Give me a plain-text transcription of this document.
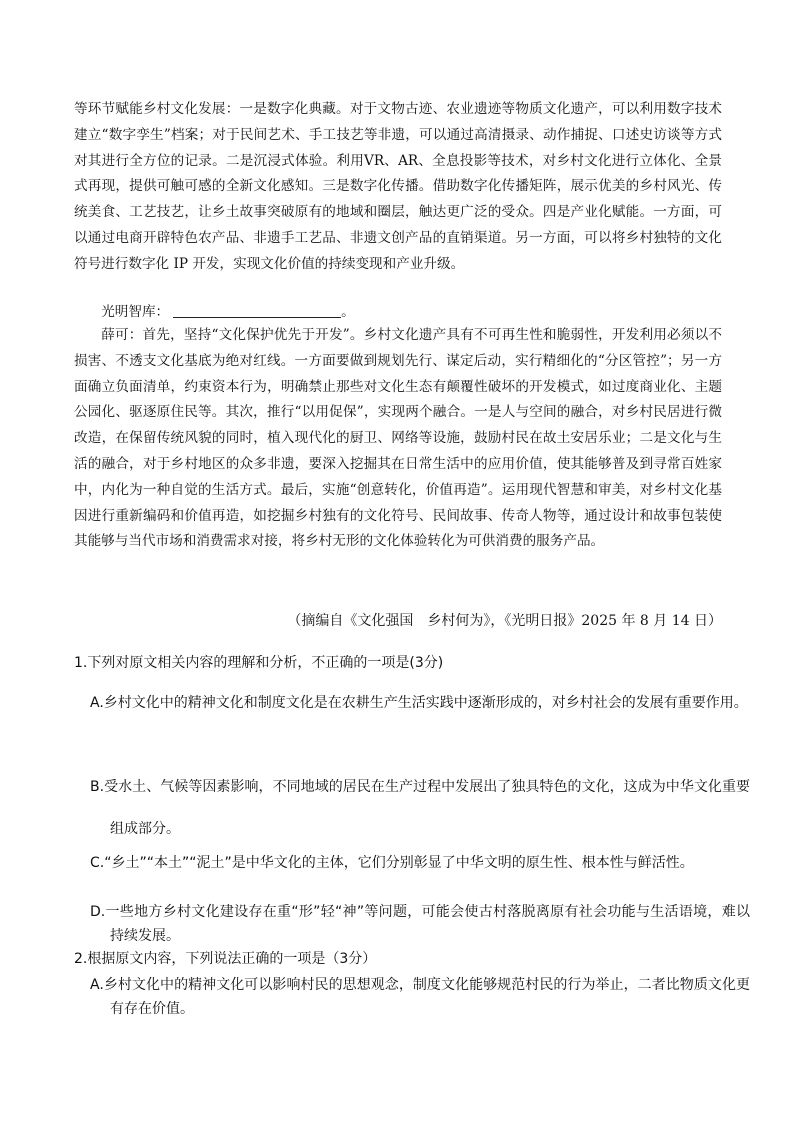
等环节赋能乡村文化发展：一是数字化典藏。对于文物古迹、农业遗迹等物质文化遗产，可以利用数字技术建立“数字孪生”档案；对于民间艺术、手工技艺等非遗，可以通过高清摄录、动作捕捉、口述史访谈等方式对其进行全方位的记录。二是沉浸式体验。利用VR、AR、全息投影等技术，对乡村文化进行立体化、全景式再现，提供可触可感的全新文化感知。三是数字化传播。借助数字化传播矩阵，展示优美的乡村风光、传统美食、工艺技艺，让乡土故事突破原有的地域和圈层，触达更广泛的受众。四是产业化赋能。一方面，可以通过电商开辟特色农产品、非遗手工艺品、非遗文创产品的直销渠道。另一方面，可以将乡村独特的文化符号进行数字化 IP 开发，实现文化价值的持续变现和产业升级。

光明智库：	。

薛可：首先，坚持“文化保护优先于开发”。乡村文化遗产具有不可再生性和脆弱性，开发利用必须以不损害、不透支文化基底为绝对红线。一方面要做到规划先行、谋定后动，实行精细化的“分区管控”；另一方面确立负面清单，约束资本行为，明确禁止那些对文化生态有颠覆性破坏的开发模式，如过度商业化、主题公园化、驱逐原住民等。其次，推行“以用促保”，实现两个融合。一是人与空间的融合，对乡村民居进行微改造，在保留传统风貌的同时，植入现代化的厨卫、网络等设施，鼓励村民在故土安居乐业；二是文化与生活的融合，对于乡村地区的众多非遗，要深入挖掘其在日常生活中的应用价值，使其能够普及到寻常百姓家中，内化为一种自觉的生活方式。最后，实施“创意转化，价值再造”。运用现代智慧和审美，对乡村文化基因进行重新编码和价值再造，如挖掘乡村独有的文化符号、民间故事、传奇人物等，通过设计和故事包装使其能够与当代市场和消费需求对接，将乡村无形的文化体验转化为可供消费的服务产品。

（摘编自《文化强国　乡村何为》，《光明日报》2025 年 8 月 14 日）

1.下列对原文相关内容的理解和分析，不正确的一项是(3分)

A.乡村文化中的精神文化和制度文化是在农耕生产生活实践中逐渐形成的，对乡村社会的发展有重要作用。

B.受水土、气候等因素影响，不同地域的居民在生产过程中发展出了独具特色的文化，这成为中华文化重要组成部分。

C.“乡土”“本土”“泥土”是中华文化的主体，它们分别彰显了中华文明的原生性、根本性与鲜活性。

D.一些地方乡村文化建设存在重“形”轻“神”等问题，可能会使古村落脱离原有社会功能与生活语境，难以持续发展。

2.根据原文内容，下列说法正确的一项是（3分）

A.乡村文化中的精神文化可以影响村民的思想观念，制度文化能够规范村民的行为举止，二者比物质文化更有存在价值。
